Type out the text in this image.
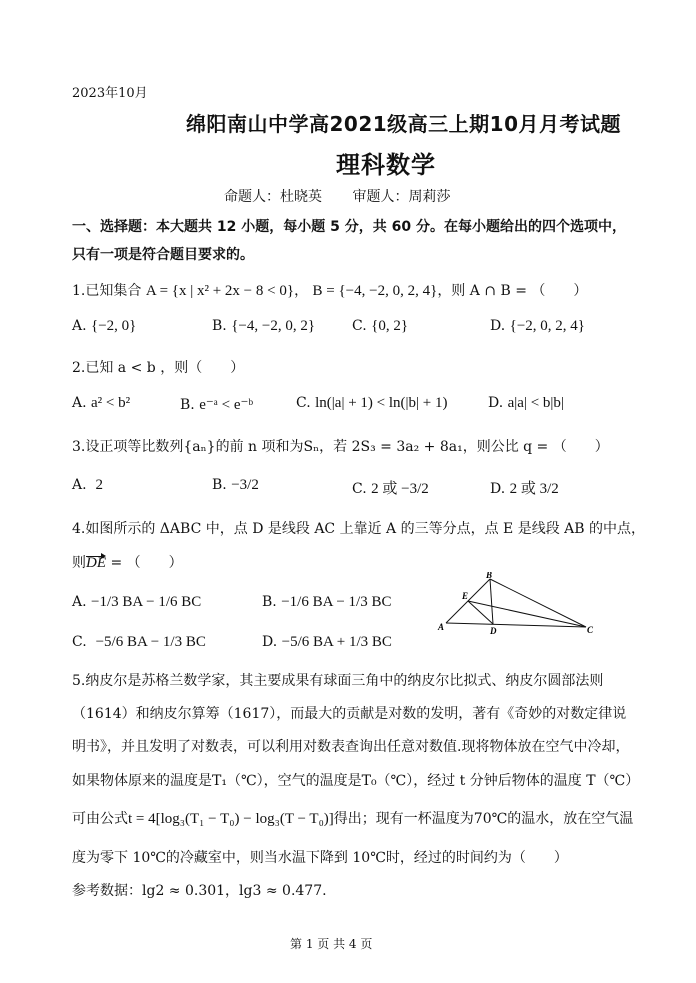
2023年10月
绵阳南山中学高2021级高三上期10月月考试题
理科数学
命题人：杜晓英 审题人：周莉莎
一、选择题：本大题共 12 小题，每小题 5 分，共 60 分。在每小题给出的四个选项中，
只有一项是符合题目要求的。
1.已知集合 A = {x | x² + 2x − 8 < 0}， B = {−4, −2, 0, 2, 4}，则 A ∩ B = （　　）
A. {−2, 0}	B. {−4, −2, 0, 2}	C. {0, 2}	D. {−2, 0, 2, 4}
2.已知 a < b ，则（　　）
A. a² < b²	B. e⁻ᵃ < e⁻ᵇ	C. ln(|a| + 1) < ln(|b| + 1)	D. a|a| < b|b|
3.设正项等比数列{aₙ}的前 n 项和为Sₙ，若 2S₃ = 3a₂ + 8a₁，则公比 q = （　　）
A. 2	B. −3/2	C. 2 或 −3/2	D. 2 或 3/2
4.如图所示的 ΔABC 中，点 D 是线段 AC 上靠近 A 的三等分点，点 E 是线段 AB 的中点，
则DE = （　　）
A. −1/3 BA − 1/6 BC	B. −1/6 BA − 1/3 BC
C. −5/6 BA − 1/3 BC	D. −5/6 BA + 1/3 BC
B
E
A	D	C
5.纳皮尔是苏格兰数学家，其主要成果有球面三角中的纳皮尔比拟式、纳皮尔圆部法则
（1614）和纳皮尔算筹（1617），而最大的贡献是对数的发明，著有《奇妙的对数定律说
明书》，并且发明了对数表，可以利用对数表查询出任意对数值.现将物体放在空气中冷却，
如果物体原来的温度是T₁（℃），空气的温度是T₀（℃），经过 t 分钟后物体的温度 T（℃）
可由公式t = 4[log₃(T₁ − T₀) − log₃(T − T₀)]得出；现有一杯温度为70℃的温水，放在空气温
度为零下 10℃的冷藏室中，则当水温下降到 10℃时，经过的时间约为（　　）
参考数据：lg2 ≈ 0.301，lg3 ≈ 0.477.
第 1 页 共 4 页
